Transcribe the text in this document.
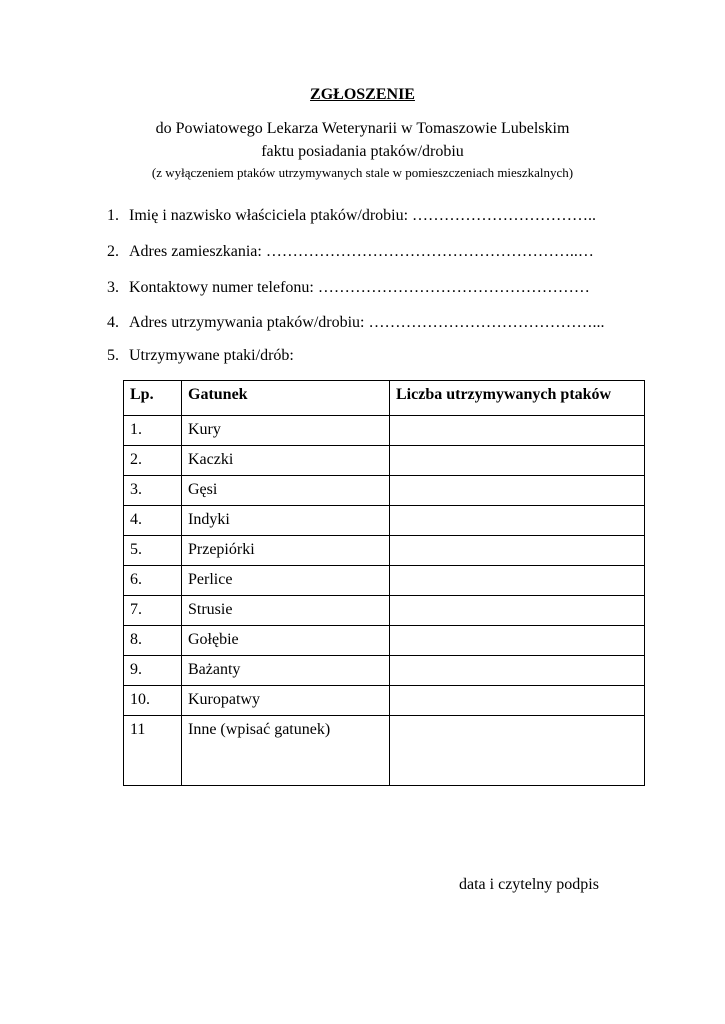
ZGŁOSZENIE
do Powiatowego Lekarza Weterynarii w Tomaszowie Lubelskim
faktu posiadania ptaków/drobiu
(z wyłączeniem ptaków utrzymywanych stale w pomieszczeniach mieszkalnych)
1. Imię i nazwisko właściciela ptaków/drobiu: ……………………………..
2. Adres zamieszkania: …………………………………………………..…
3. Kontaktowy numer telefonu: ……………………………………………
4. Adres utrzymywania ptaków/drobiu: ……………………………………...
5. Utrzymywane ptaki/drób:
Lp.	Gatunek	Liczba utrzymywanych ptaków
1.	Kury	
2.	Kaczki	
3.	Gęsi	
4.	Indyki	
5.	Przepiórki	
6.	Perlice	
7.	Strusie	
8.	Gołębie	
9.	Bażanty	
10.	Kuropatwy	
11	Inne (wpisać gatunek)	
data i czytelny podpis
